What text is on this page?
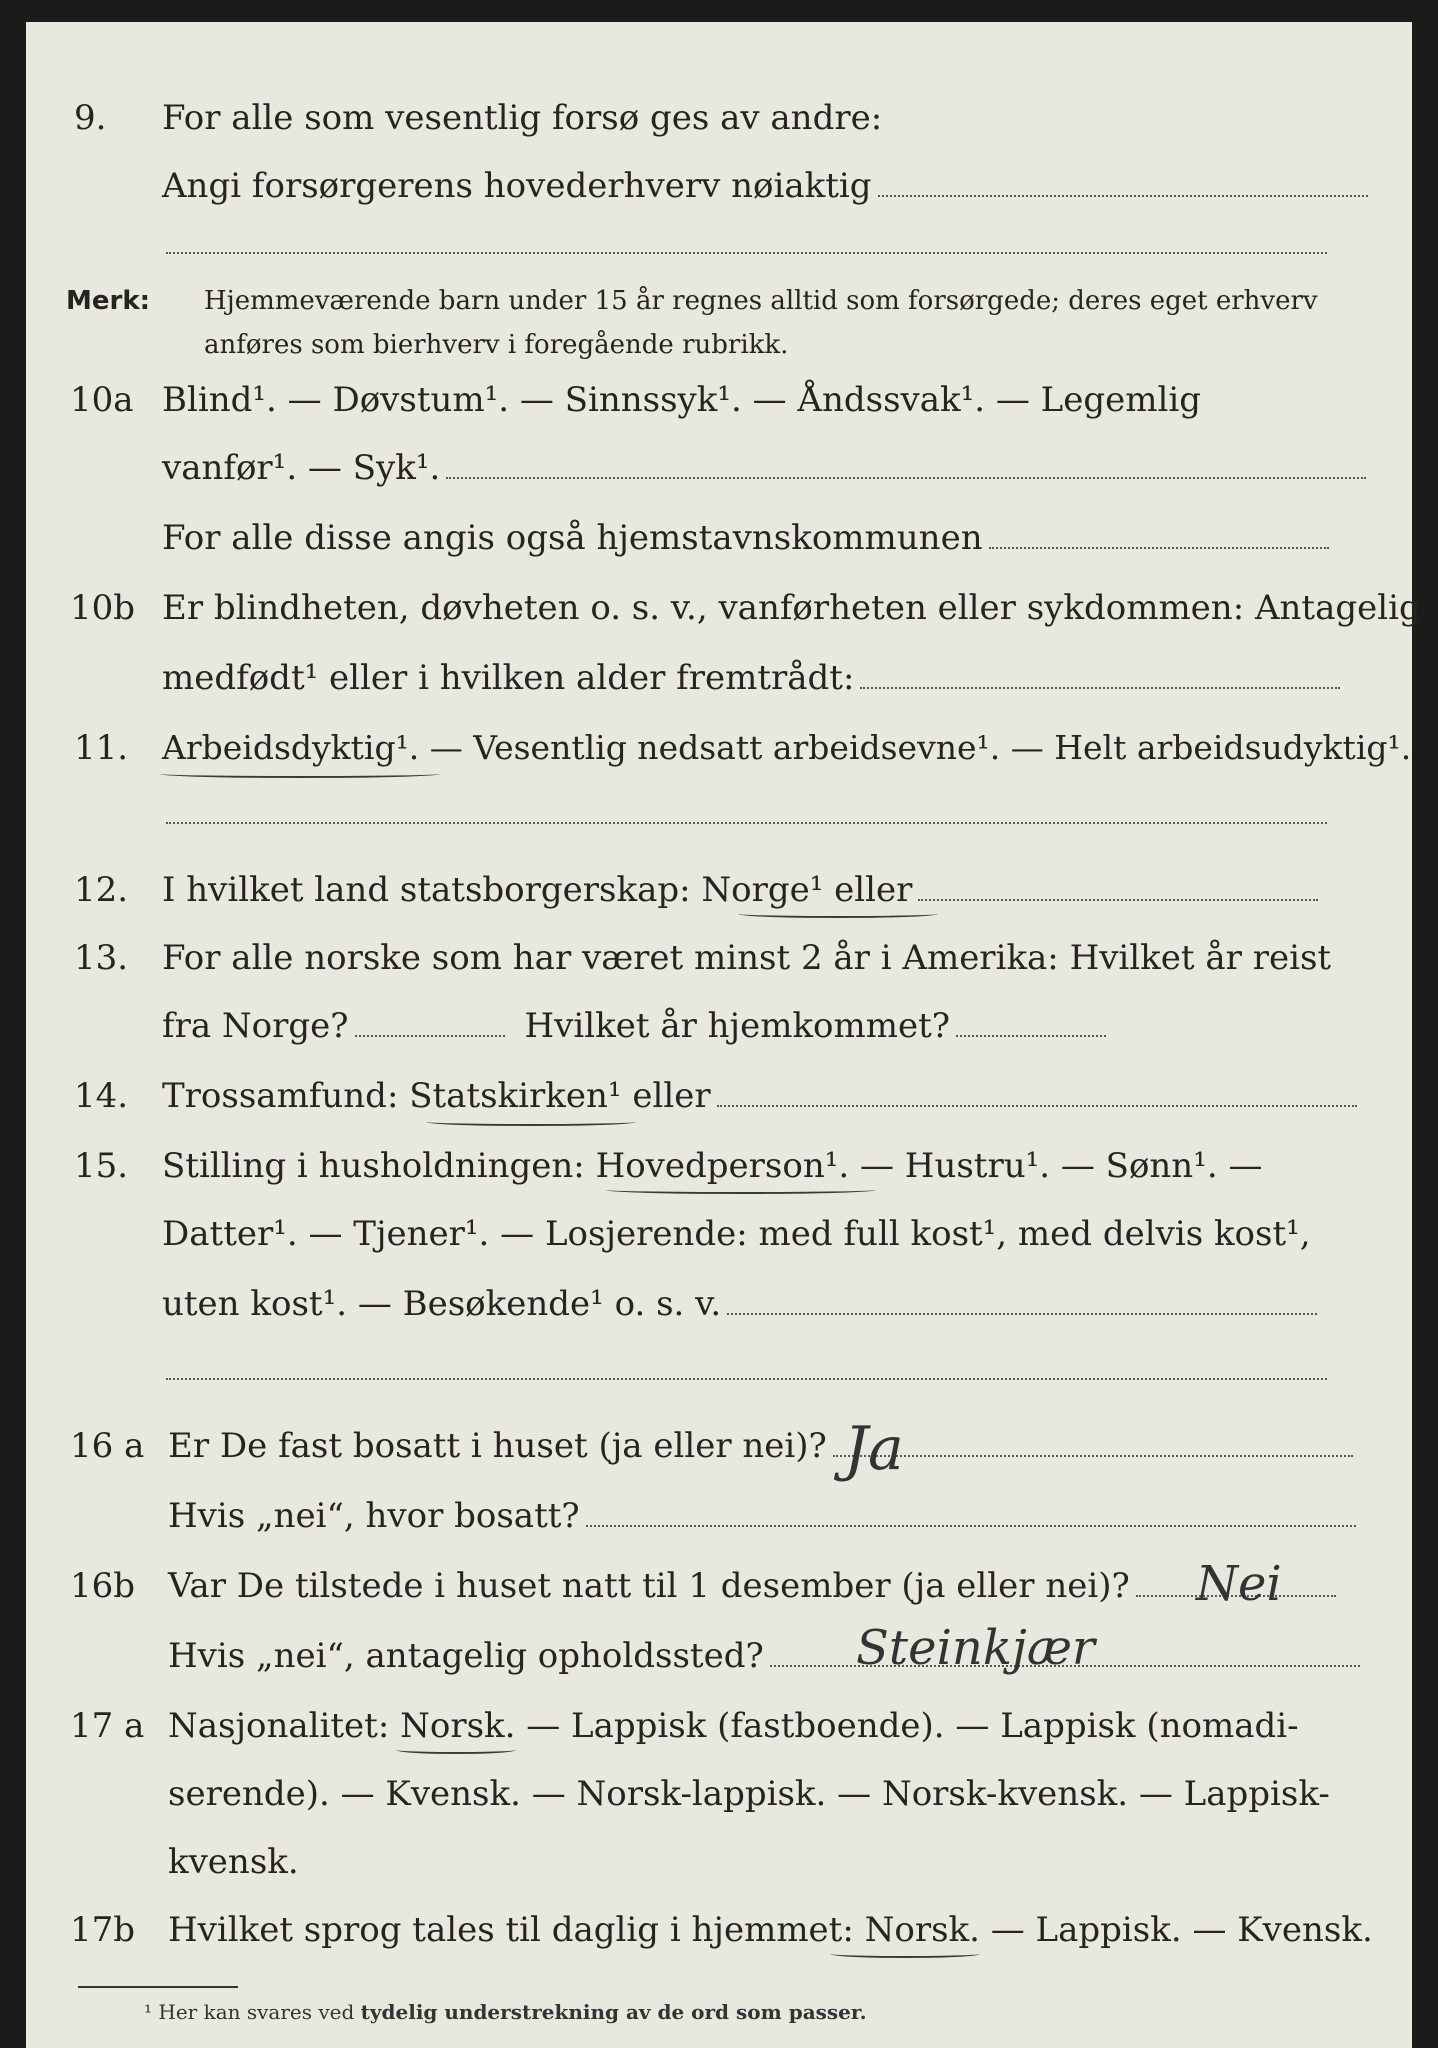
9. For alle som vesentlig forsø ges av andre:
Angi forsørgerens hovederhverv nøiaktig
Merk: Hjemmeværende barn under 15 år regnes alltid som forsørgede; deres eget erhverv
anføres som bierhverv i foregående rubrikk.
10a Blind¹. — Døvstum¹. — Sinnssyk¹. — Åndssvak¹. — Legemlig
vanfør¹. — Syk¹.
For alle disse angis også hjemstavnskommunen
10b Er blindheten, døvheten o. s. v., vanførheten eller sykdommen: Antagelig
medfødt¹ eller i hvilken alder fremtrådt:
11. Arbeidsdyktig¹. — Vesentlig nedsatt arbeidsevne¹. — Helt arbeidsudyktig¹.
12. I hvilket land statsborgerskap: Norge¹ eller
13. For alle norske som har været minst 2 år i Amerika: Hvilket år reist
fra Norge?	Hvilket år hjemkommet?
14. Trossamfund: Statskirken¹ eller
15. Stilling i husholdningen: Hovedperson¹. — Hustru¹. — Sønn¹. —
Datter¹. — Tjener¹. — Losjerende: med full kost¹, med delvis kost¹,
uten kost¹. — Besøkende¹ o. s. v.
16 a Er De fast bosatt i huset (ja eller nei)? Ja
Hvis „nei“, hvor bosatt?
16b Var De tilstede i huset natt til 1 desember (ja eller nei)?	Nei
Hvis „nei“, antagelig opholdssted?	Steinkjær
17 a Nasjonalitet: Norsk. — Lappisk (fastboende). — Lappisk (nomadi-
serende). — Kvensk. — Norsk-lappisk. — Norsk-kvensk. — Lappisk-
kvensk.
17b Hvilket sprog tales til daglig i hjemmet: Norsk. — Lappisk. — Kvensk.
¹ Her kan svares ved tydelig understrekning av de ord som passer.
